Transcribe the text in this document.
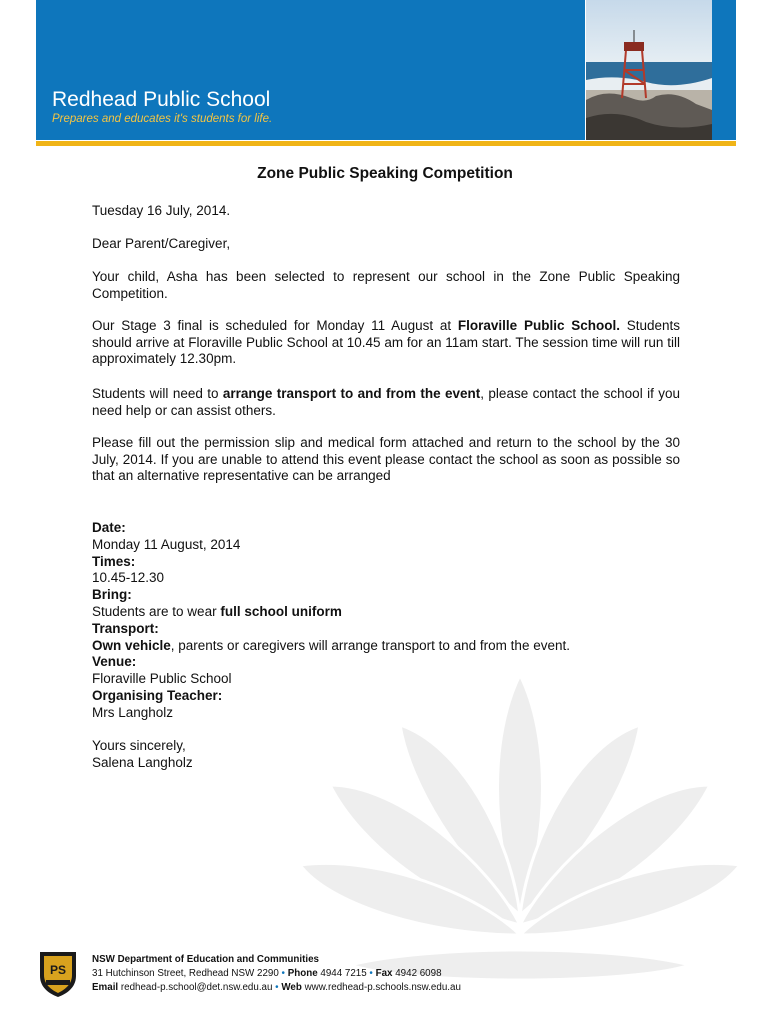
Redhead Public School
Prepares and educates it's students for life.
Zone Public Speaking Competition
Tuesday 16 July, 2014.
Dear Parent/Caregiver,
Your child, Asha has been selected to represent our school in the Zone Public Speaking Competition.
Our Stage 3 final is scheduled for Monday 11 August at Floraville Public School. Students should arrive at Floraville Public School at 10.45 am for an 11am start. The session time will run till approximately 12.30pm.
Students will need to arrange transport to and from the event, please contact the school if you need help or can assist others.
Please fill out the permission slip and medical form attached and return to the school by the 30 July, 2014. If you are unable to attend this event please contact the school as soon as possible so that an alternative representative can be arranged
Date:
Monday 11 August, 2014
Times:
10.45-12.30
Bring:
Students are to wear full school uniform
Transport:
Own vehicle, parents or caregivers will arrange transport to and from the event.
Venue:
Floraville Public School
Organising Teacher:
Mrs Langholz
Yours sincerely,
Salena Langholz
PS
NSW Department of Education and Communities
31 Hutchinson Street, Redhead NSW 2290 • Phone 4944 7215 • Fax 4942 6098
Email redhead-p.school@det.nsw.edu.au • Web www.redhead-p.schools.nsw.edu.au
